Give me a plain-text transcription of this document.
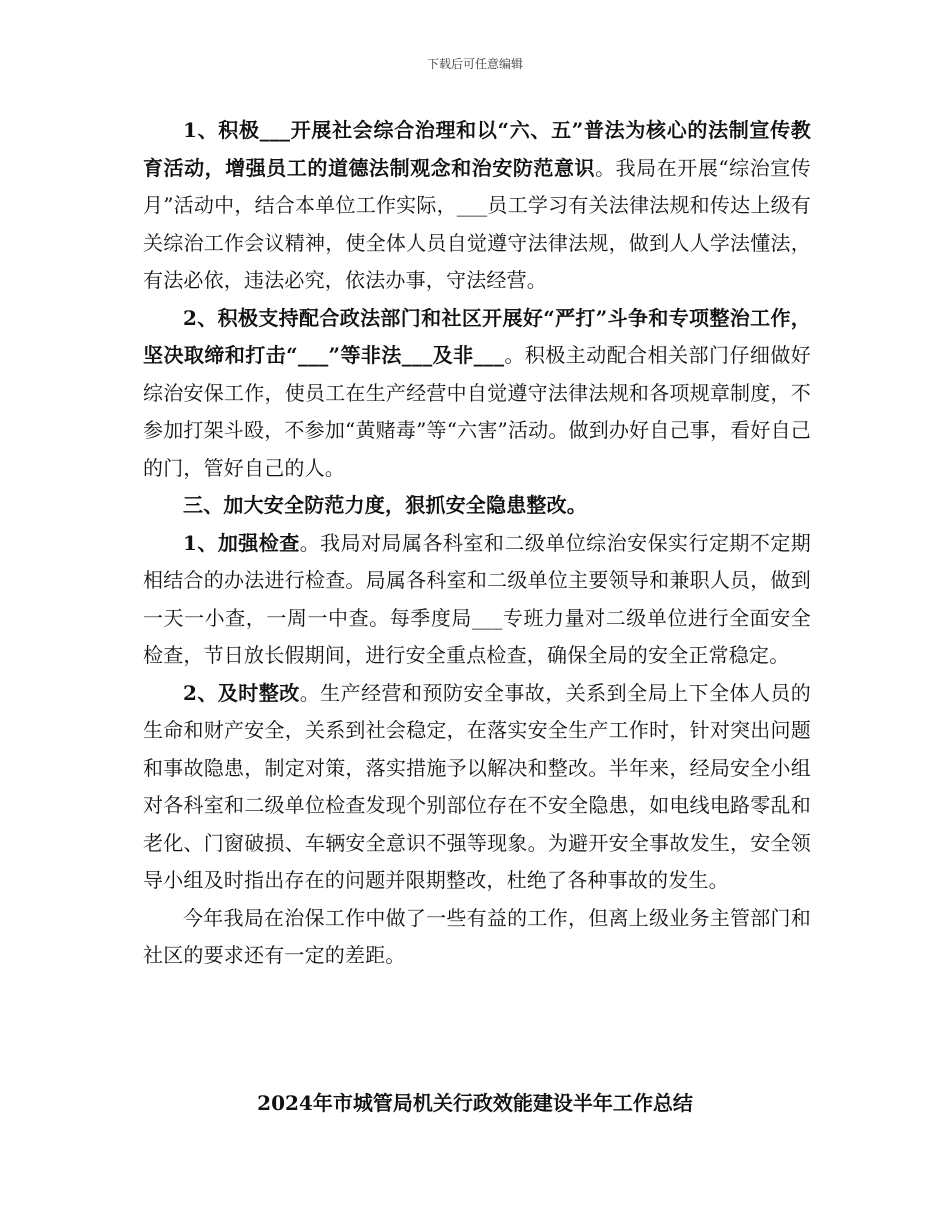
下载后可任意编辑

1、积极___开展社会综合治理和以“六、五”普法为核心的法制宣传教育活动，增强员工的道德法制观念和治安防范意识。我局在开展“综治宣传月”活动中，结合本单位工作实际，___员工学习有关法律法规和传达上级有关综治工作会议精神，使全体人员自觉遵守法律法规，做到人人学法懂法，有法必依，违法必究，依法办事，守法经营。

2、积极支持配合政法部门和社区开展好“严打”斗争和专项整治工作，坚决取缔和打击“___”等非法___及非___。积极主动配合相关部门仔细做好综治安保工作，使员工在生产经营中自觉遵守法律法规和各项规章制度，不参加打架斗殴，不参加“黄赌毒”等“六害”活动。做到办好自己事，看好自己的门，管好自己的人。

三、加大安全防范力度，狠抓安全隐患整改。

1、加强检查。我局对局属各科室和二级单位综治安保实行定期不定期相结合的办法进行检查。局属各科室和二级单位主要领导和兼职人员，做到一天一小查，一周一中查。每季度局___专班力量对二级单位进行全面安全检查，节日放长假期间，进行安全重点检查，确保全局的安全正常稳定。

2、及时整改。生产经营和预防安全事故，关系到全局上下全体人员的生命和财产安全，关系到社会稳定，在落实安全生产工作时，针对突出问题和事故隐患，制定对策，落实措施予以解决和整改。半年来，经局安全小组对各科室和二级单位检查发现个别部位存在不安全隐患，如电线电路零乱和老化、门窗破损、车辆安全意识不强等现象。为避开安全事故发生，安全领导小组及时指出存在的问题并限期整改，杜绝了各种事故的发生。

今年我局在治保工作中做了一些有益的工作，但离上级业务主管部门和社区的要求还有一定的差距。

2024年市城管局机关行政效能建设半年工作总结
